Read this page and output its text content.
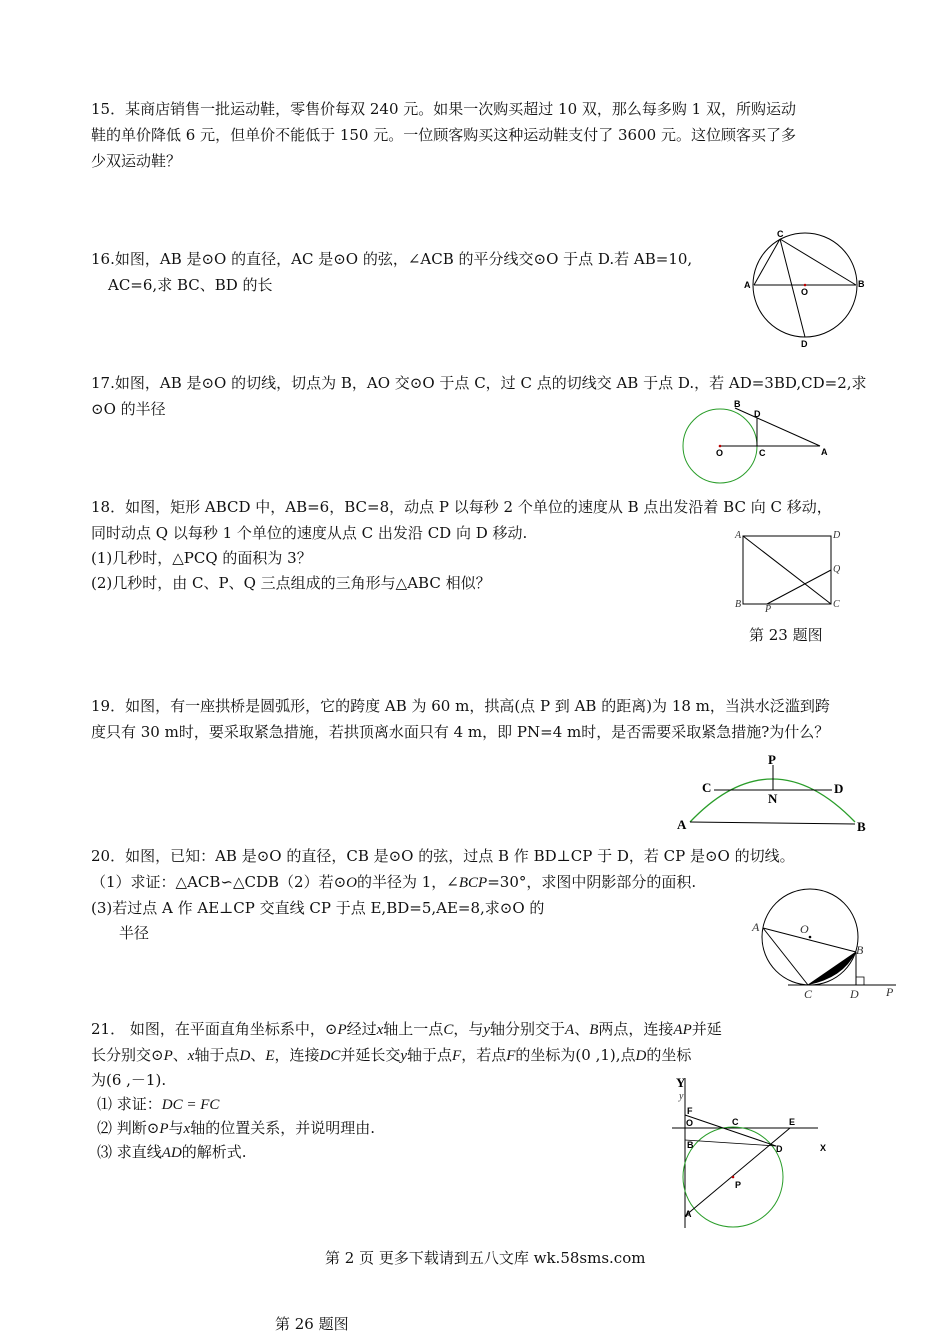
15．某商店销售一批运动鞋，零售价每双 240 元。如果一次购买超过 10 双，那么每多购 1 双，所购运动
鞋的单价降低 6 元，但单价不能低于 150 元。一位顾客购买这种运动鞋支付了 3600 元。这位顾客买了多
少双运动鞋？
16.如图，AB 是⊙O 的直径，AC 是⊙O 的弦，∠ACB 的平分线交⊙O 于点 D.若 AB=10,
AC=6,求 BC、BD 的长
C
A	B
O
D
17.如图，AB 是⊙O 的切线，切点为 B，AO 交⊙O 于点 C，过 C 点的切线交 AB 于点 D.，若 AD=3BD,CD=2,求
⊙O 的半径	B
D
O	C	A
18．如图，矩形 ABCD 中，AB=6，BC=8，动点 P 以每秒 2 个单位的速度从 B 点出发沿着 BC 向 C 移动，
同时动点 Q 以每秒 1 个单位的速度从点 C 出发沿 CD 向 D 移动.
(1)几秒时，△PCQ 的面积为 3？
(2)几秒时，由 C、P、Q 三点组成的三角形与△ABC 相似？
A	D
Q
B P	C
第 23 题图
19．如图，有一座拱桥是圆弧形，它的跨度 AB 为 60 m，拱高(点 P 到 AB 的距离)为 18 m，当洪水泛滥到跨
度只有 30 m时，要采取紧急措施，若拱顶离水面只有 4 m，即 PN=4 m时，是否需要采取紧急措施?为什么？
P
C	D
N
A	B
20．如图，已知：AB 是⊙O 的直径，CB 是⊙O 的弦，过点 B 作 BD⊥CP 于 D，若 CP 是⊙O 的切线。
（1）求证：△ACB∽△CDB（2）若⊙O的半径为 1，∠BCP=30°，求图中阴影部分的面积.
(3)若过点 A 作 AE⊥CP 交直线 CP 于点 E,BD=5,AE=8,求⊙O 的
半径	A	O
B
C	D P
21． 如图，在平面直角坐标系中，⊙P经过x轴上一点C，与y轴分别交于A、B两点，连接AP并延
长分别交⊙P、x轴于点D、E，连接DC并延长交y轴于点F，若点F的坐标为(0 ,1),点D的坐标
为(6 ,－1).
⑴ 求证：DC = FC
⑵ 判断⊙P与x轴的位置关系，并说明理由.
⑶ 求直线AD的解析式.
Y
y
F
O	C	E
X
B	D
P
A
第 2 页 更多下载请到五八文库 wk.58sms.com
第 26 题图
